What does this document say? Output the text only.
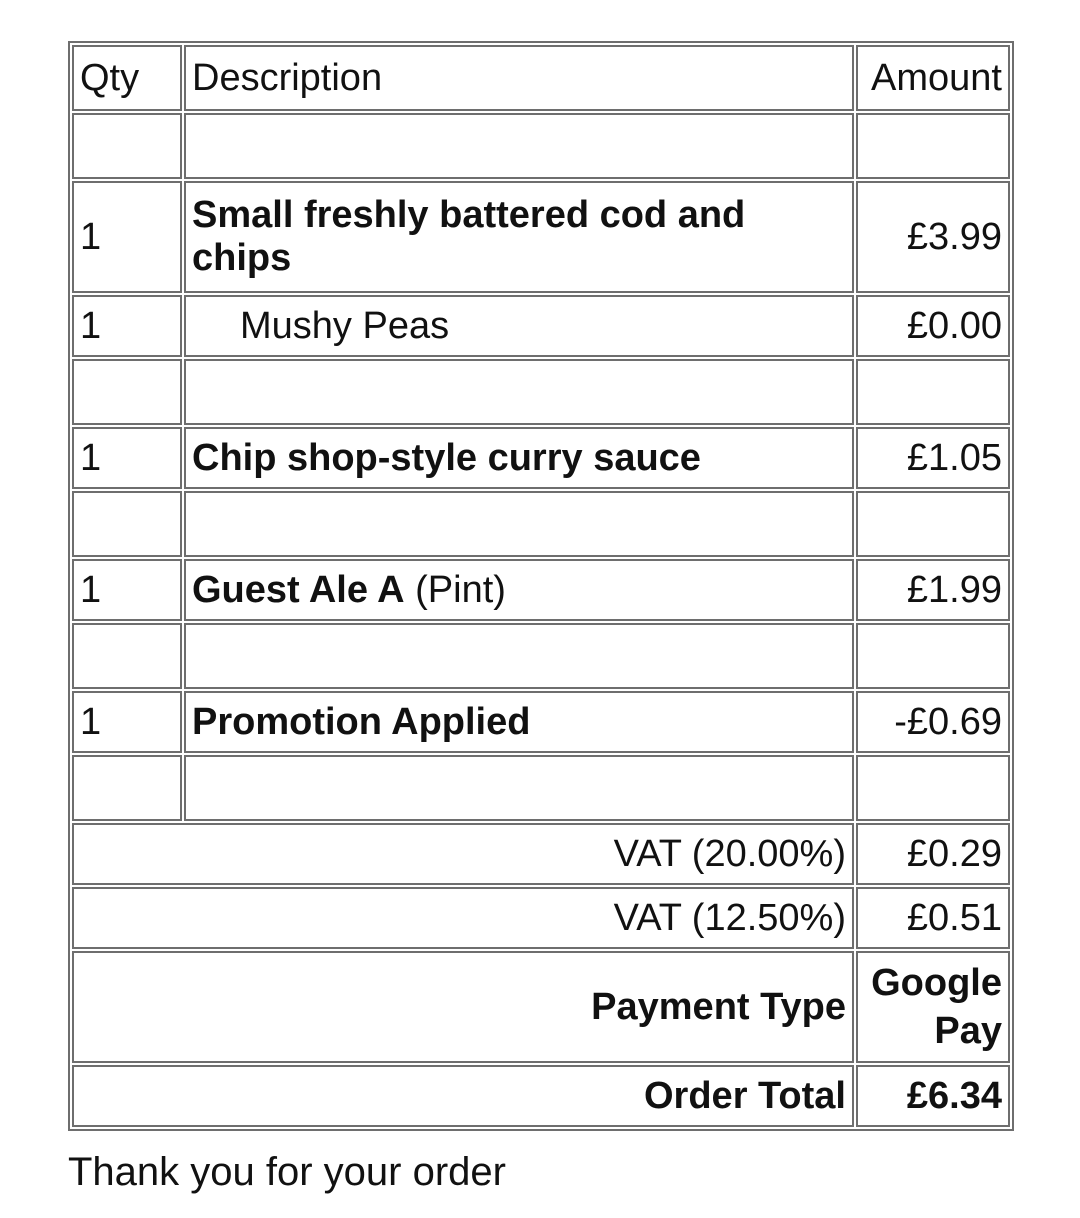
Qty	Description	Amount

1	Small freshly battered cod and chips	£3.99
1	Mushy Peas	£0.00

1	Chip shop-style curry sauce	£1.05

1	Guest Ale A (Pint)	£1.99

1	Promotion Applied	-£0.69

VAT (20.00%)		£0.29
VAT (12.50%)		£0.51
Payment Type		Google Pay
Order Total		£6.34

Thank you for your order
